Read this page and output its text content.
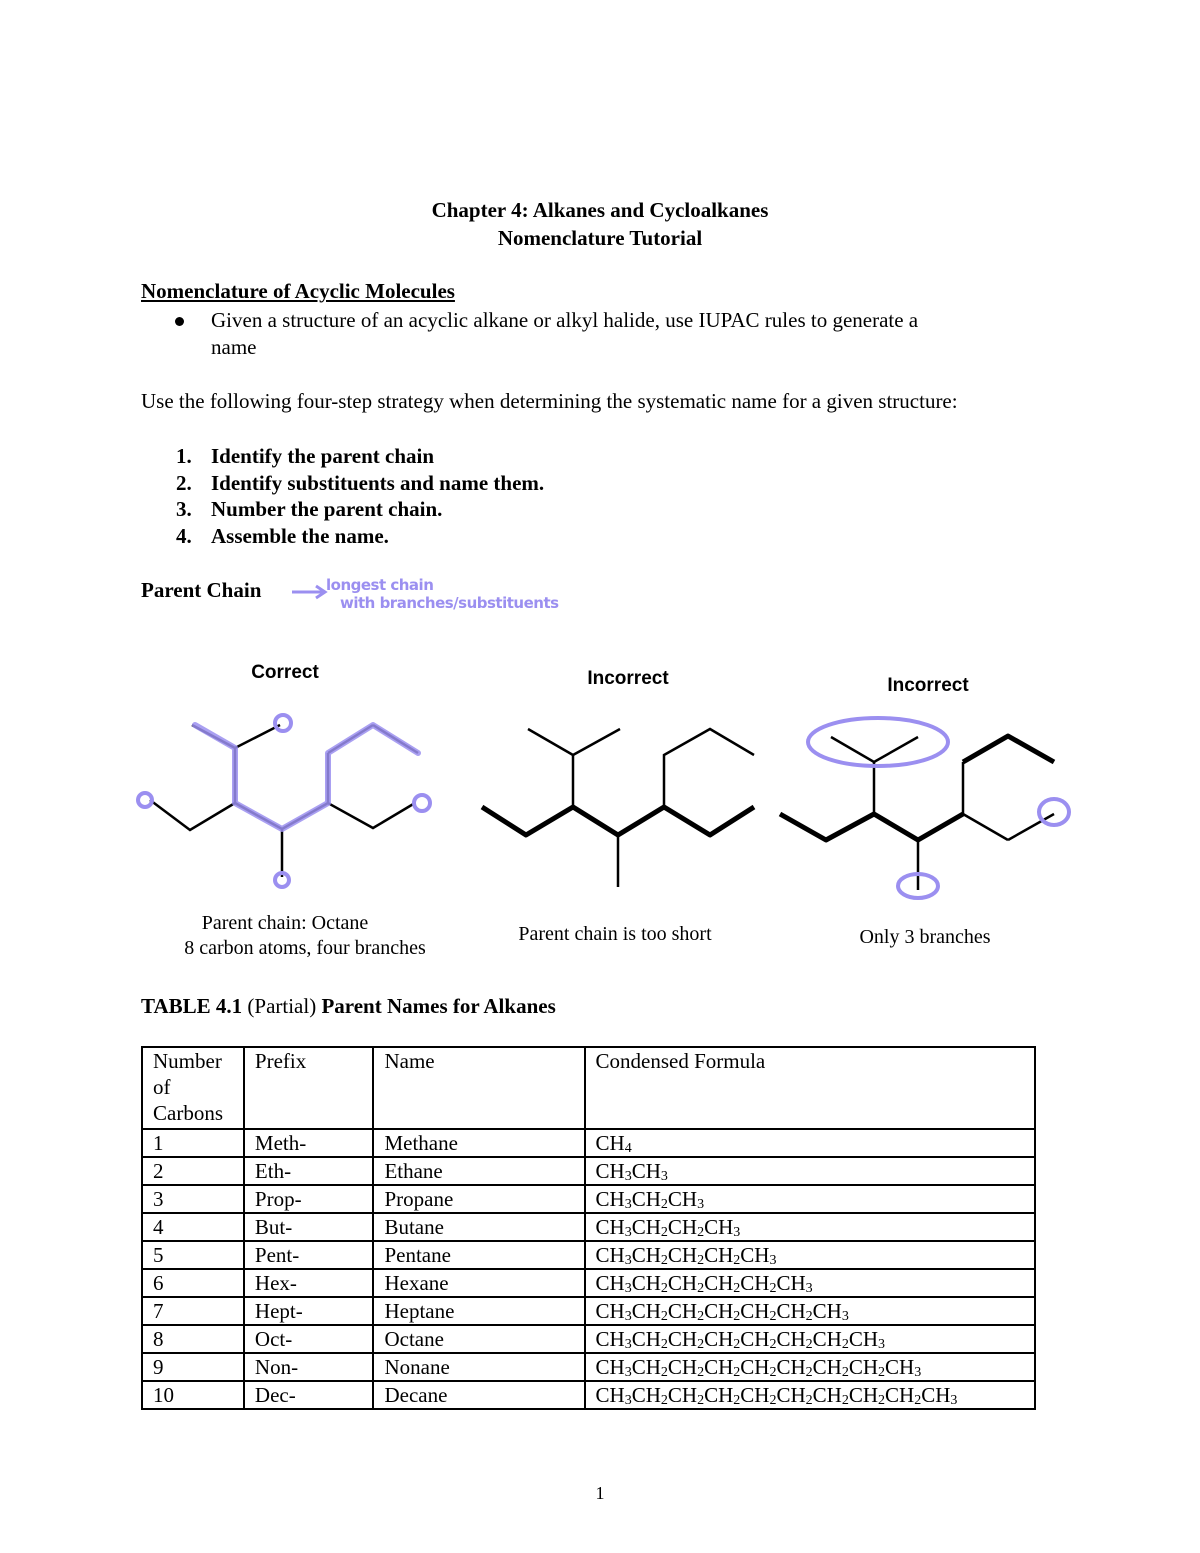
Chapter 4: Alkanes and Cycloalkanes
Nomenclature Tutorial
Nomenclature of Acyclic Molecules
Given a structure of an acyclic alkane or alkyl halide, use IUPAC rules to generate a
name
Use the following four-step strategy when determining the systematic name for a given structure:
1. Identify the parent chain
2. Identify substituents and name them.
3. Number the parent chain.
4. Assemble the name.
Parent Chain	longest chain
with branches/substituents
Correct	Incorrect	Incorrect
Parent chain: Octane
8 carbon atoms, four branches
Parent chain is too short	Only 3 branches
TABLE 4.1 (Partial) Parent Names for Alkanes
Number of Carbons	Prefix	Name	Condensed Formula
1	Meth-	Methane	$CH_4$
2	Eth-	Ethane	$CH_3CH_3$
3	Prop-	Propane	$CH_3CH_2CH_3$
4	But-	Butane	$CH_3CH_2CH_2CH_3$
5	Pent-	Pentane	$CH_3CH_2CH_2CH_2CH_3$
6	Hex-	Hexane	$CH_3CH_2CH_2CH_2CH_2CH_3$
7	Hept-	Heptane	$CH_3CH_2CH_2CH_2CH_2CH_2CH_3$
8	Oct-	Octane	$CH_3CH_2CH_2CH_2CH_2CH_2CH_2CH_3$
9	Non-	Nonane	$CH_3CH_2CH_2CH_2CH_2CH_2CH_2CH_2CH_3$
10	Dec-	Decane	$CH_3CH_2CH_2CH_2CH_2CH_2CH_2CH_2CH_2CH_3$
1
